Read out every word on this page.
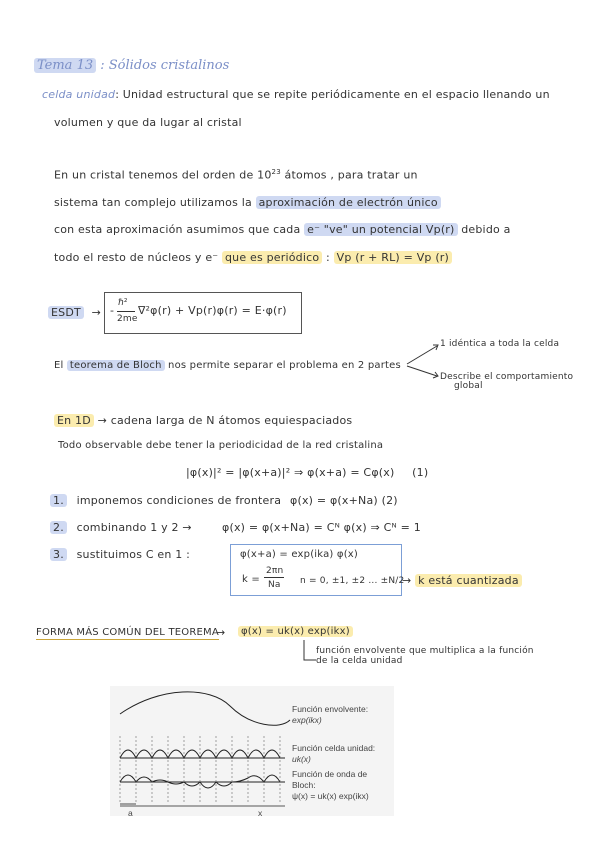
Tema 13 : Sólidos cristalinos
celda unidad: Unidad estructural que se repite periódicamente en el espacio llenando un
volumen y que da lugar al cristal
En un cristal tenemos del orden de $10^{23}$ átomos , para tratar un
sistema tan complejo utilizamos la aproximación de electrón único
con esta aproximación asumimos que cada e⁻ "ve" un potencial Vp(r) debido a
todo el resto de núcleos y e⁻ que es periódico : Vp (r + RL) = Vp (r)
ESDT → -
ℏ²
2me
∇²φ(r) + Vp(r)φ(r) = E·φ(r)
El teorema de Bloch nos permite separar el problema en 2 partes
1 idéntica a toda la celda
Describe el comportamiento
global
En 1D → cadena larga de N átomos equiespaciados
Todo observable debe tener la periodicidad de la red cristalina
|φ(x)|² = |φ(x+a)|² ⇒ φ(x+a) = Cφ(x) (1)
1. imponemos condiciones de frontera φ(x) = φ(x+Na) (2)
2. combinando 1 y 2 →	φ(x) = φ(x+Na) = Cᴺ φ(x) ⇒ Cᴺ = 1
3. sustituimos C en 1 :	φ(x+a) = exp(ika) φ(x)
k =
2πn
Na n = 0, ±1, ±2 ... ±N/2
→ k está cuantizada
FORMA MÁS COMÚN DEL TEOREMA
→	φ(x) = uk(x) exp(ikx)
función envolvente que multiplica a la función
de la celda unidad
Función envolvente:
exp(ikx)
Función celda unidad:
uk(x)
Función de onda de
Bloch:
ψ(x) = uk(x) exp(ikx)
a	x
